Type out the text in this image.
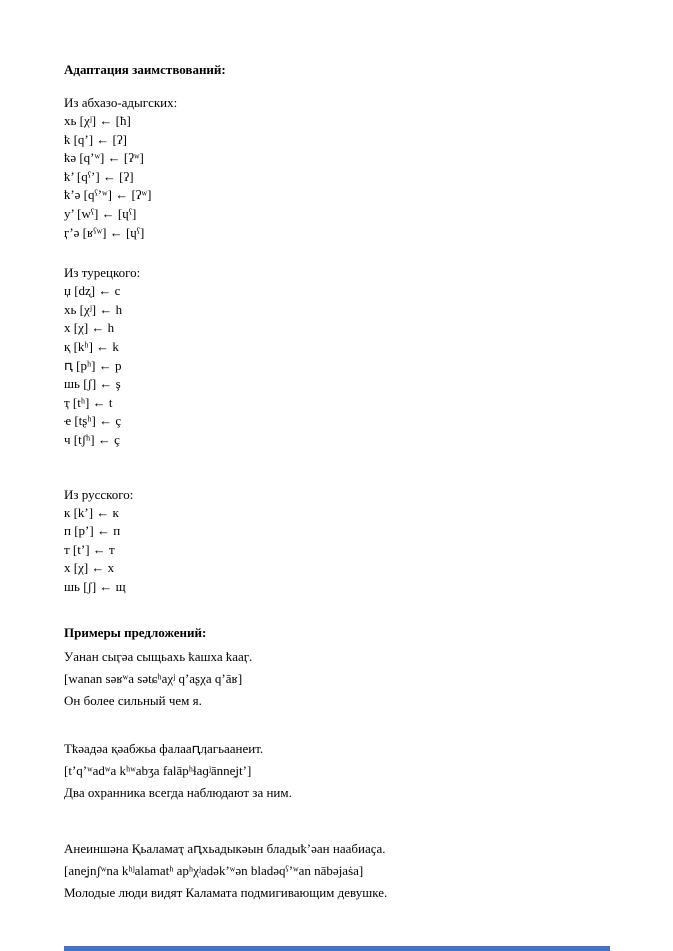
Адаптация заимствований:

Из абхазо-адыгских:

хь [χʲ] ← [ħ]

ҟ [qʼ] ← [ʔ]

ҟә [qʼʷ] ← [ʔʷ]

ҟ’ [qˤʼ] ← [ʔ]

ҟ’ә [qˤʼʷ] ← [ʔʷ]

у’ [wˤ] ← [ɥˤ]

ӷ’ә [ʁˤʷ] ← [ɥˤ]

Из турецкого:

џ [dʐ] ← c

хь [χʲ] ← h

х [χ] ← h

қ [kʰ] ← k

ԥ [pʰ] ← p

шь [ʃ] ← ş

ҭ [tʰ] ← t

ҽ [tʂʰ] ← ç

ч [tʃʰ] ← ç

Из русского:

к [kʼ] ← к

п [pʼ] ← п

т [tʼ] ← т

х [χ] ← х

шь [ʃ] ← щ

Примеры предложений:

Уанан сыӷәа сыщьахь ҟашха ҟааӷ.

[wanan səʁʷa sətɕʰaχʲ qʼaʂχa qʼāʁ]

Он более сильный чем я.

Тҟәадәа қәабжьа фалааԥӆагьаанеит.

[tʼqʼʷadʷa kʰʷabʒa falāpʰɬaɡʲānne̯jtʼ]

Два охранника всегда наблюдают за ним.

Анеиншәна Қьаламаҭ аԥхьадыкәын бладыҟ’әан наабиаҫа.

[ane̯jnʃʷna kʰʲalamatʰ apʰχʲadəkʼʷən bladəqˤʼʷan nābəjaṡa]

Молодые люди видят Каламата подмигивающим девушке.
